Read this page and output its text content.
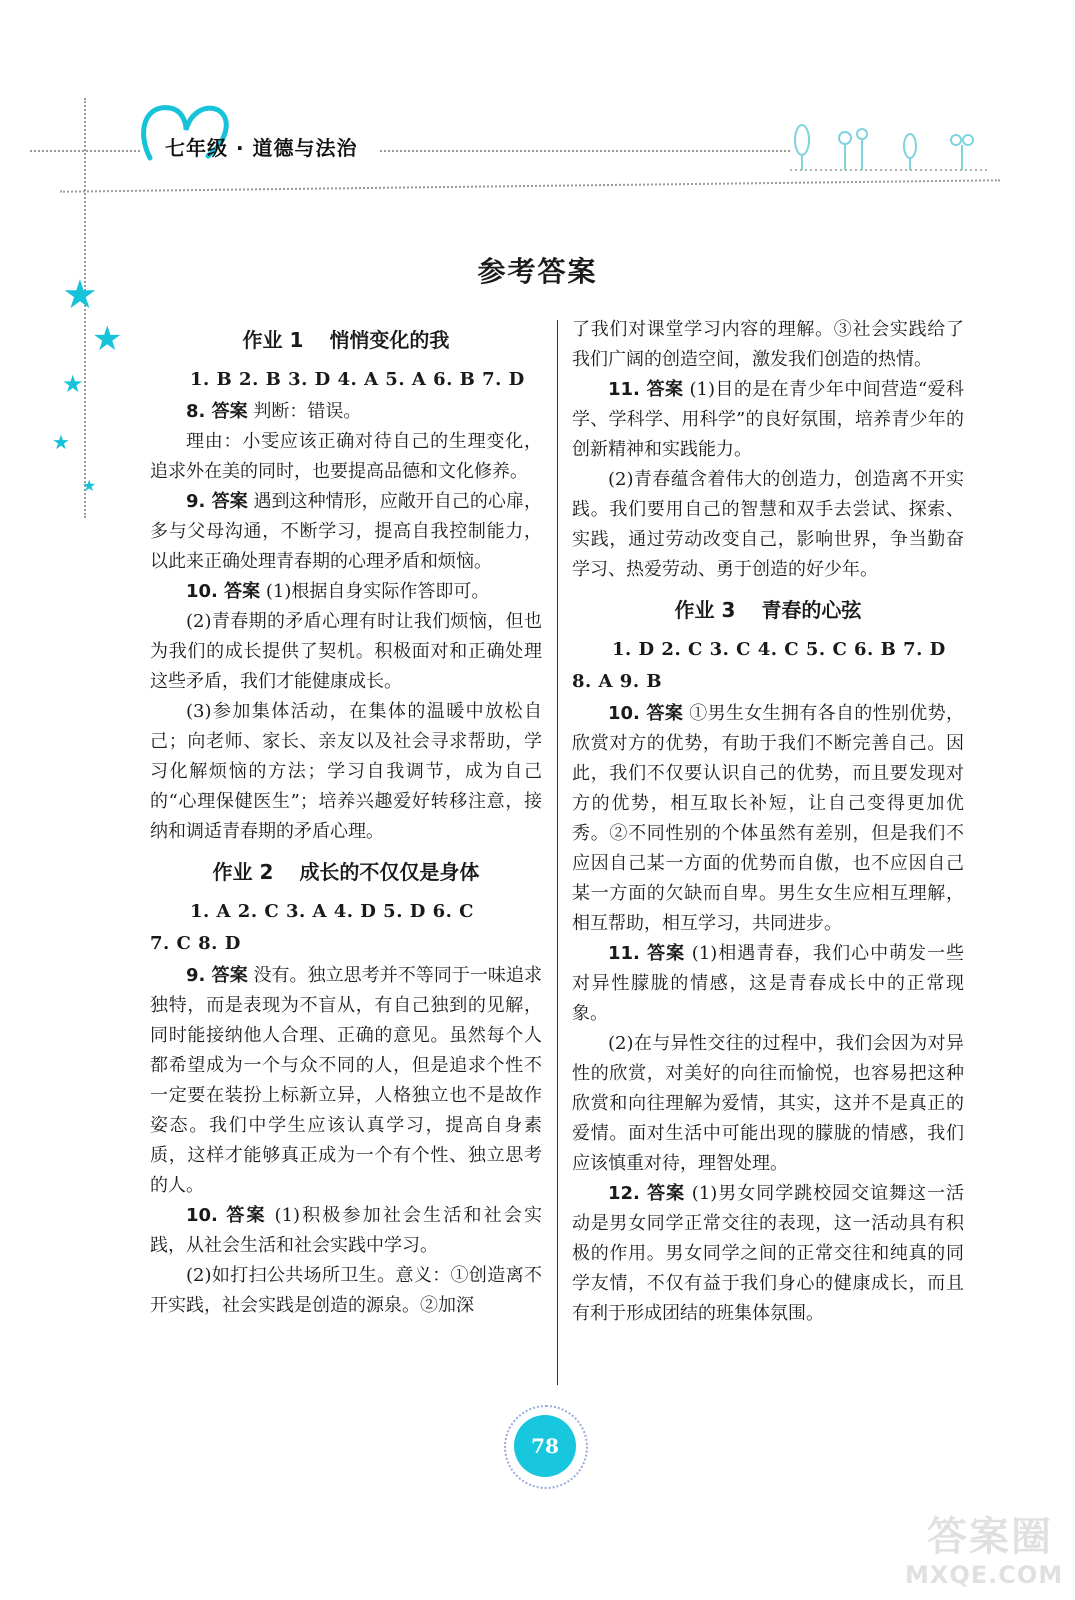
七年级 · 道德与法治
★
★
★
★
★
参考答案
作业 1 悄悄变化的我
1. B 2. B 3. D 4. A 5. A 6. B 7. D

8. 答案 判断：错误。

理由：小雯应该正确对待自己的生理变化，追求外在美的同时，也要提高品德和文化修养。

9. 答案 遇到这种情形，应敞开自己的心扉，多与父母沟通，不断学习，提高自我控制能力，以此来正确处理青春期的心理矛盾和烦恼。

10. 答案 (1)根据自身实际作答即可。

(2)青春期的矛盾心理有时让我们烦恼，但也为我们的成长提供了契机。积极面对和正确处理这些矛盾，我们才能健康成长。

(3)参加集体活动，在集体的温暖中放松自己；向老师、家长、亲友以及社会寻求帮助，学习化解烦恼的方法；学习自我调节，成为自己的“心理保健医生”；培养兴趣爱好转移注意，接纳和调适青春期的矛盾心理。

作业 2 成长的不仅仅是身体
1. A 2. C 3. A 4. D 5. D 6. C
7. C 8. D

9. 答案 没有。独立思考并不等同于一味追求独特，而是表现为不盲从，有自己独到的见解，同时能接纳他人合理、正确的意见。虽然每个人都希望成为一个与众不同的人，但是追求个性不一定要在装扮上标新立异，人格独立也不是故作姿态。我们中学生应该认真学习，提高自身素质，这样才能够真正成为一个有个性、独立思考的人。

10. 答案 (1)积极参加社会生活和社会实践，从社会生活和社会实践中学习。

(2)如打扫公共场所卫生。意义：①创造离不开实践，社会实践是创造的源泉。②加深

了我们对课堂学习内容的理解。③社会实践给了我们广阔的创造空间，激发我们创造的热情。

11. 答案 (1)目的是在青少年中间营造“爱科学、学科学、用科学”的良好氛围，培养青少年的创新精神和实践能力。

(2)青春蕴含着伟大的创造力，创造离不开实践。我们要用自己的智慧和双手去尝试、探索、实践，通过劳动改变自己，影响世界，争当勤奋学习、热爱劳动、勇于创造的好少年。

作业 3 青春的心弦
1. D 2. C 3. C 4. C 5. C 6. B 7. D
8. A 9. B

10. 答案 ①男生女生拥有各自的性别优势，欣赏对方的优势，有助于我们不断完善自己。因此，我们不仅要认识自己的优势，而且要发现对方的优势，相互取长补短，让自己变得更加优秀。②不同性别的个体虽然有差别，但是我们不应因自己某一方面的优势而自傲，也不应因自己某一方面的欠缺而自卑。男生女生应相互理解，相互帮助，相互学习，共同进步。

11. 答案 (1)相遇青春，我们心中萌发一些对异性朦胧的情感，这是青春成长中的正常现象。

(2)在与异性交往的过程中，我们会因为对异性的欣赏，对美好的向往而愉悦，也容易把这种欣赏和向往理解为爱情，其实，这并不是真正的爱情。面对生活中可能出现的朦胧的情感，我们应该慎重对待，理智处理。

12. 答案 (1)男女同学跳校园交谊舞这一活动是男女同学正常交往的表现，这一活动具有积极的作用。男女同学之间的正常交往和纯真的同学友情，不仅有益于我们身心的健康成长，而且有利于形成团结的班集体氛围。

78
答案圈
MXQE.COM
